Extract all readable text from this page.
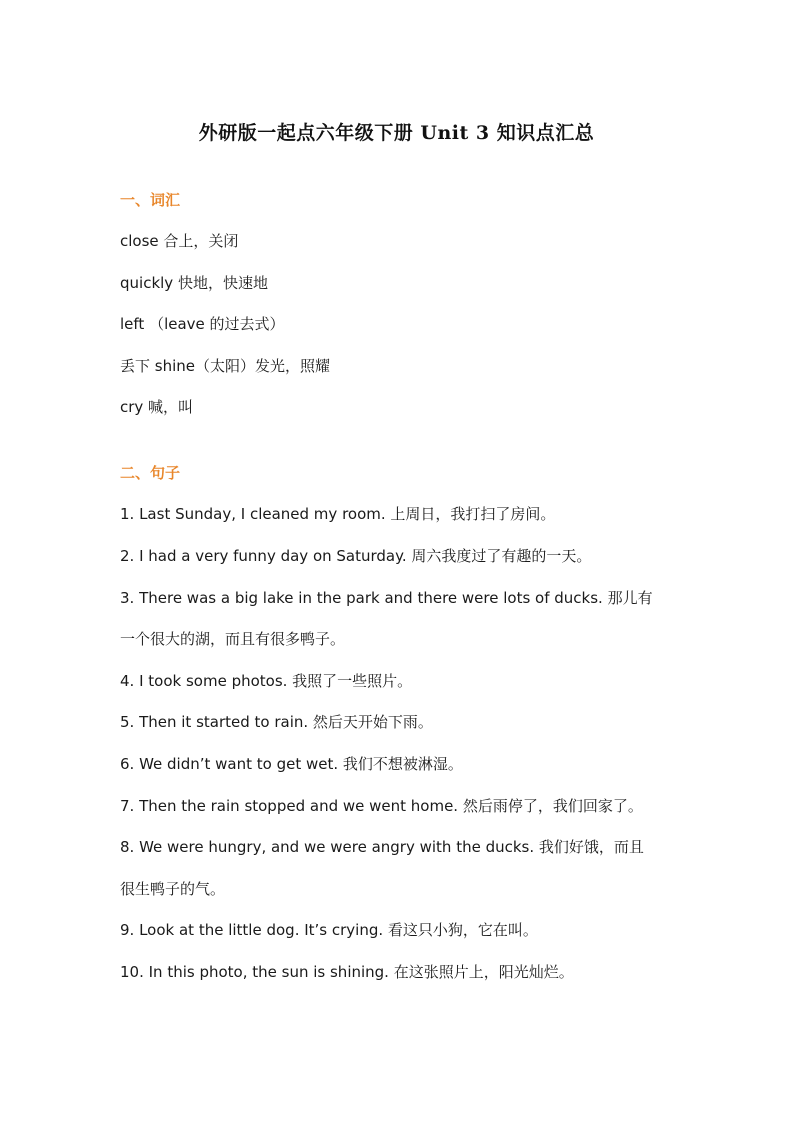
外研版一起点六年级下册 Unit 3 知识点汇总
一、词汇
close 合上，关闭
quickly 快地，快速地
left （leave 的过去式）
丢下 shine（太阳）发光，照耀
cry 喊，叫
二、句子
1. Last Sunday, I cleaned my room. 上周日，我打扫了房间。
2. I had a very funny day on Saturday. 周六我度过了有趣的一天。
3. There was a big lake in the park and there were lots of ducks. 那儿有
一个很大的湖，而且有很多鸭子。
4. I took some photos. 我照了一些照片。
5. Then it started to rain. 然后天开始下雨。
6. We didn’t want to get wet. 我们不想被淋湿。
7. Then the rain stopped and we went home. 然后雨停了，我们回家了。
8. We were hungry, and we were angry with the ducks. 我们好饿，而且
很生鸭子的气。
9. Look at the little dog. It’s crying. 看这只小狗，它在叫。
10. In this photo, the sun is shining. 在这张照片上，阳光灿烂。
